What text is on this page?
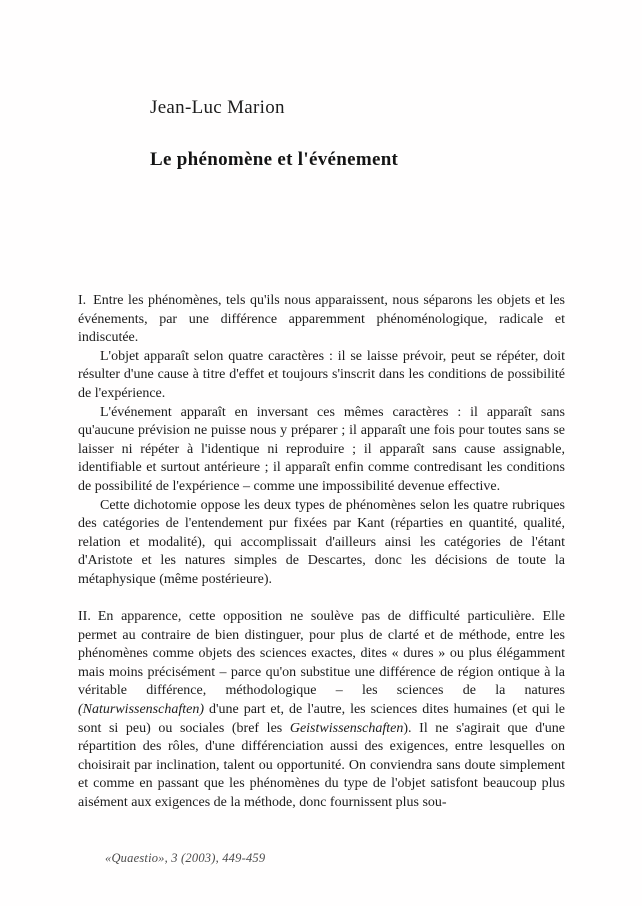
Jean-Luc Marion
Le phénomène et l'événement

I. Entre les phénomènes, tels qu'ils nous apparaissent, nous séparons les objets et les événements, par une différence apparemment phénoménologique, radicale et indiscutée.

L'objet apparaît selon quatre caractères : il se laisse prévoir, peut se répéter, doit résulter d'une cause à titre d'effet et toujours s'inscrit dans les conditions de possibilité de l'expérience.

L'événement apparaît en inversant ces mêmes caractères : il apparaît sans qu'aucune prévision ne puisse nous y préparer ; il apparaît une fois pour toutes sans se laisser ni répéter à l'identique ni reproduire ; il apparaît sans cause assignable, identifiable et surtout antérieure ; il apparaît enfin comme contredisant les conditions de possibilité de l'expérience – comme une impossibilité devenue effective.

Cette dichotomie oppose les deux types de phénomènes selon les quatre rubriques des catégories de l'entendement pur fixées par Kant (réparties en quantité, qualité, relation et modalité), qui accomplissait d'ailleurs ainsi les catégories de l'étant d'Aristote et les natures simples de Descartes, donc les décisions de toute la métaphysique (même postérieure).

II. En apparence, cette opposition ne soulève pas de difficulté particulière. Elle permet au contraire de bien distinguer, pour plus de clarté et de méthode, entre les phénomènes comme objets des sciences exactes, dites « dures » ou plus élégamment mais moins précisément – parce qu'on substitue une différence de région ontique à la véritable différence, méthodologique – les sciences de la natures (Naturwissenschaften) d'une part et, de l'autre, les sciences dites humaines (et qui le sont si peu) ou sociales (bref les Geistwissenschaften). Il ne s'agirait que d'une répartition des rôles, d'une différenciation aussi des exigences, entre lesquelles on choisirait par inclination, talent ou opportunité. On conviendra sans doute simplement et comme en passant que les phénomènes du type de l'objet satisfont beaucoup plus aisément aux exigences de la méthode, donc fournissent plus sou-

«Quaestio», 3 (2003), 449-459
